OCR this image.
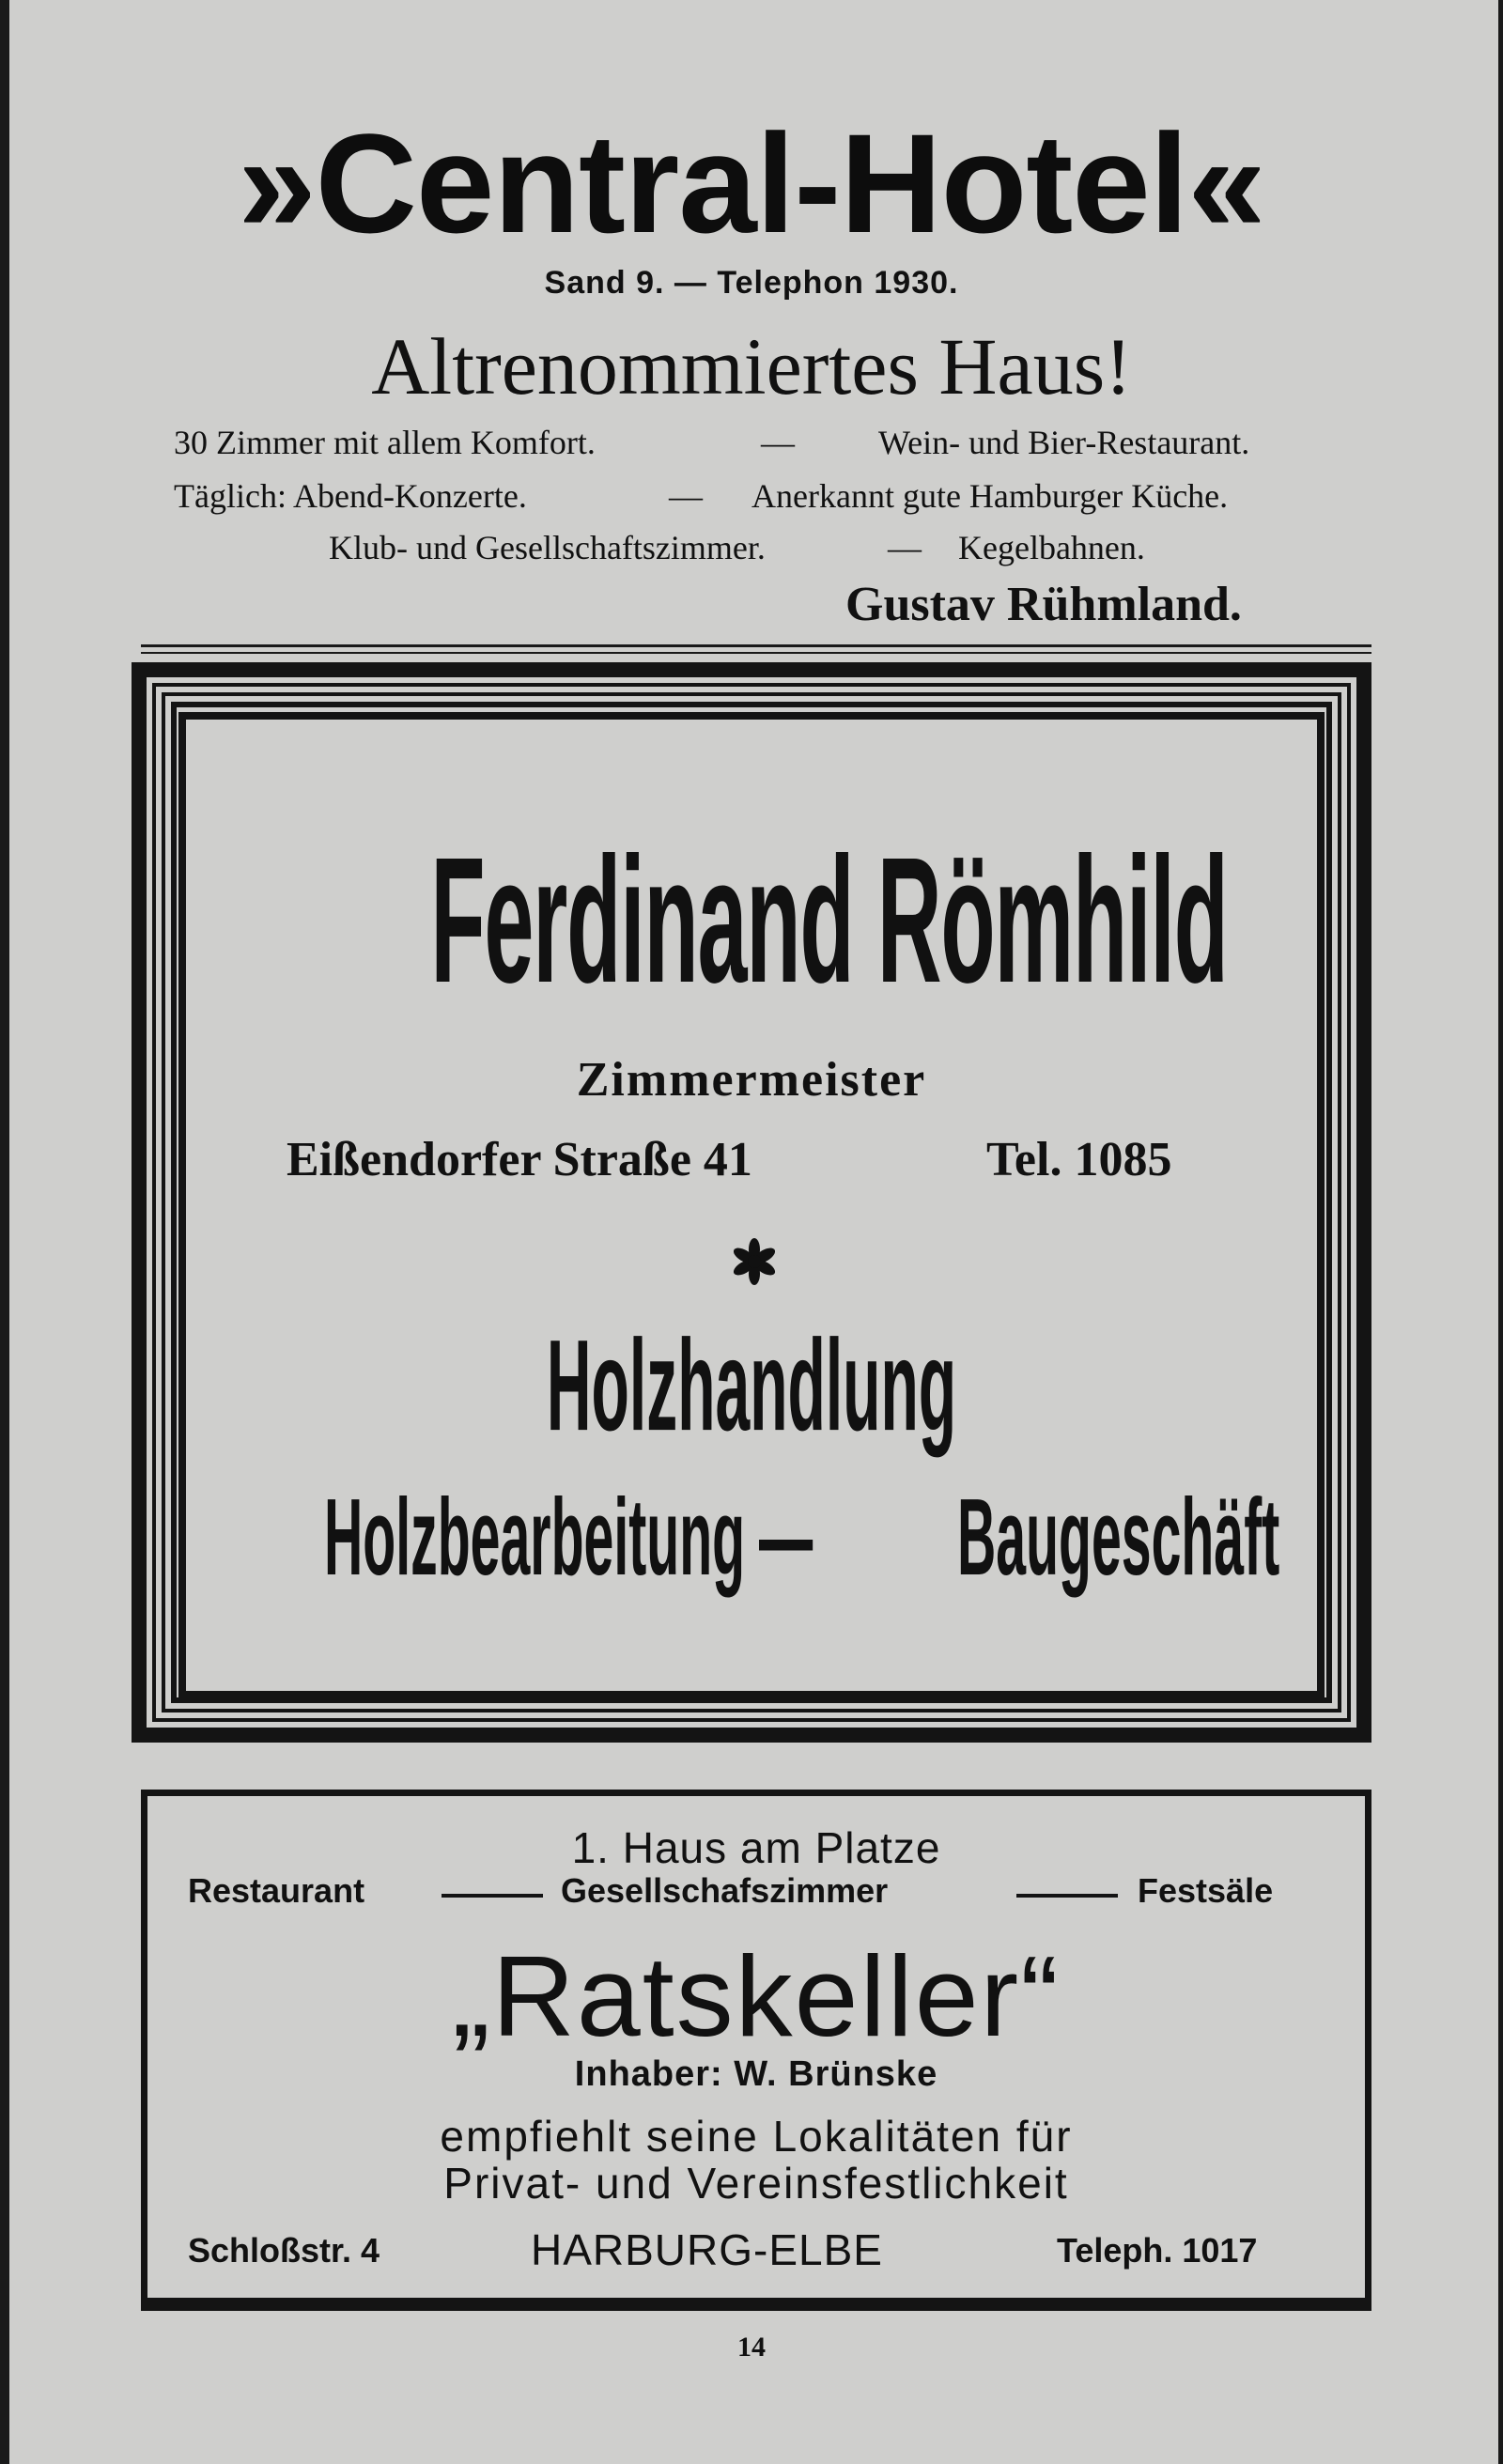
»Central-Hotel«
Sand 9. — Telephon 1930.
Altrenommiertes Haus!
30 Zimmer mit allem Komfort.	— Wein- und Bier-Restaurant.
Täglich: Abend-Konzerte.	— Anerkannt gute Hamburger Küche.
Klub- und Gesellschaftszimmer.	— Kegelbahnen.
Gustav Rühmland.
Ferdinand Römhild
Zimmermeister
Eißendorfer Straße 41	Tel. 1085
Holzhandlung
Holzbearbeitung — Baugeschäft
1. Haus am Platze
Restaurant	Gesellschafszimmer	Festsäle
„Ratskeller“
Inhaber: W. Brünske
empfiehlt seine Lokalitäten für
Privat- und Vereinsfestlichkeit
Schloßstr. 4	HARBURG-ELBE	Teleph. 1017
14
